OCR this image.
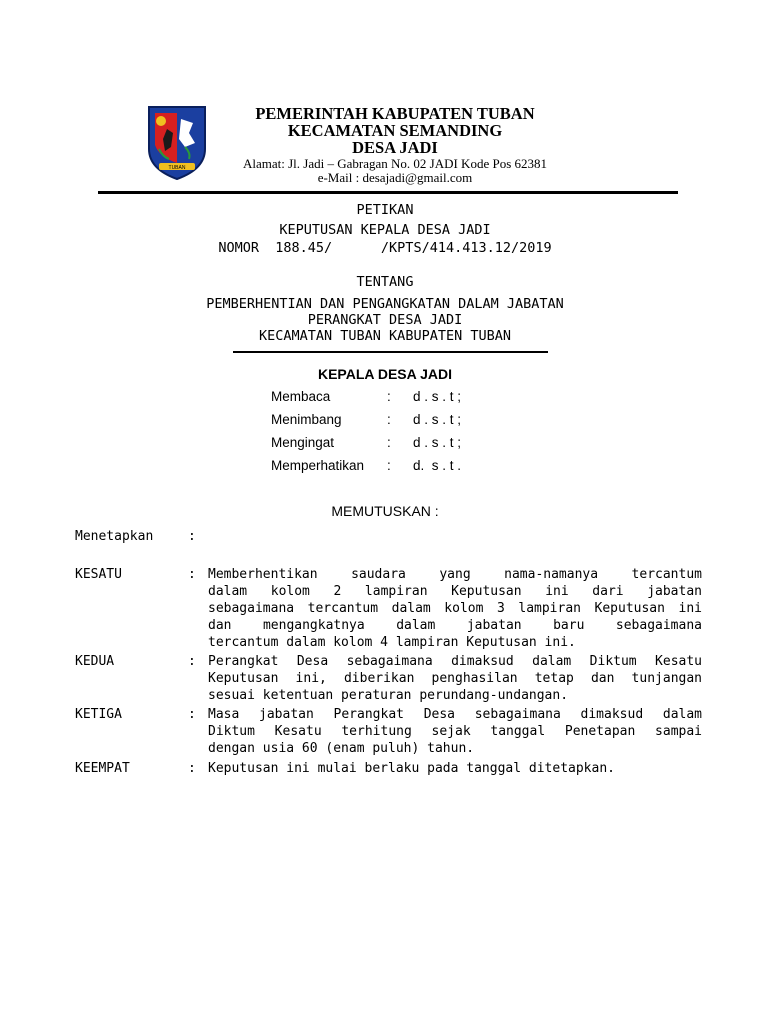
TUBAN
PEMERINTAH KABUPATEN TUBAN
KECAMATAN SEMANDING
DESA JADI
Alamat: Jl. Jadi – Gabragan No. 02 JADI Kode Pos 62381
e-Mail : desajadi@gmail.com
PETIKAN
KEPUTUSAN KEPALA DESA JADI
NOMOR  188.45/      /KPTS/414.413.12/2019
TENTANG
PEMBERHENTIAN DAN PENGANGKATAN DALAM JABATAN
PERANGKAT DESA JADI
KECAMATAN TUBAN KABUPATEN TUBAN
KEPALA DESA JADI
Membaca	: d . s . t ;
Menimbang	: d . s . t ;
Mengingat	: d . s . t ;
Memperhatikan	: d.  s . t .
MEMUTUSKAN :
Menetapkan	:
KESATU	: Memberhentikan saudara yang nama-namanya tercantum
dalam kolom 2 lampiran Keputusan ini dari jabatan
sebagaimana tercantum dalam kolom 3 lampiran Keputusan ini
dan mengangkatnya dalam jabatan baru sebagaimana
tercantum dalam kolom 4 lampiran Keputusan ini.
KEDUA	: Perangkat Desa sebagaimana dimaksud dalam Diktum Kesatu
Keputusan ini, diberikan penghasilan tetap dan tunjangan
sesuai ketentuan peraturan perundang-undangan.
KETIGA	: Masa jabatan Perangkat Desa sebagaimana dimaksud dalam
Diktum Kesatu terhitung sejak tanggal Penetapan sampai
dengan usia 60 (enam puluh) tahun.
KEEMPAT	: Keputusan ini mulai berlaku pada tanggal ditetapkan.
